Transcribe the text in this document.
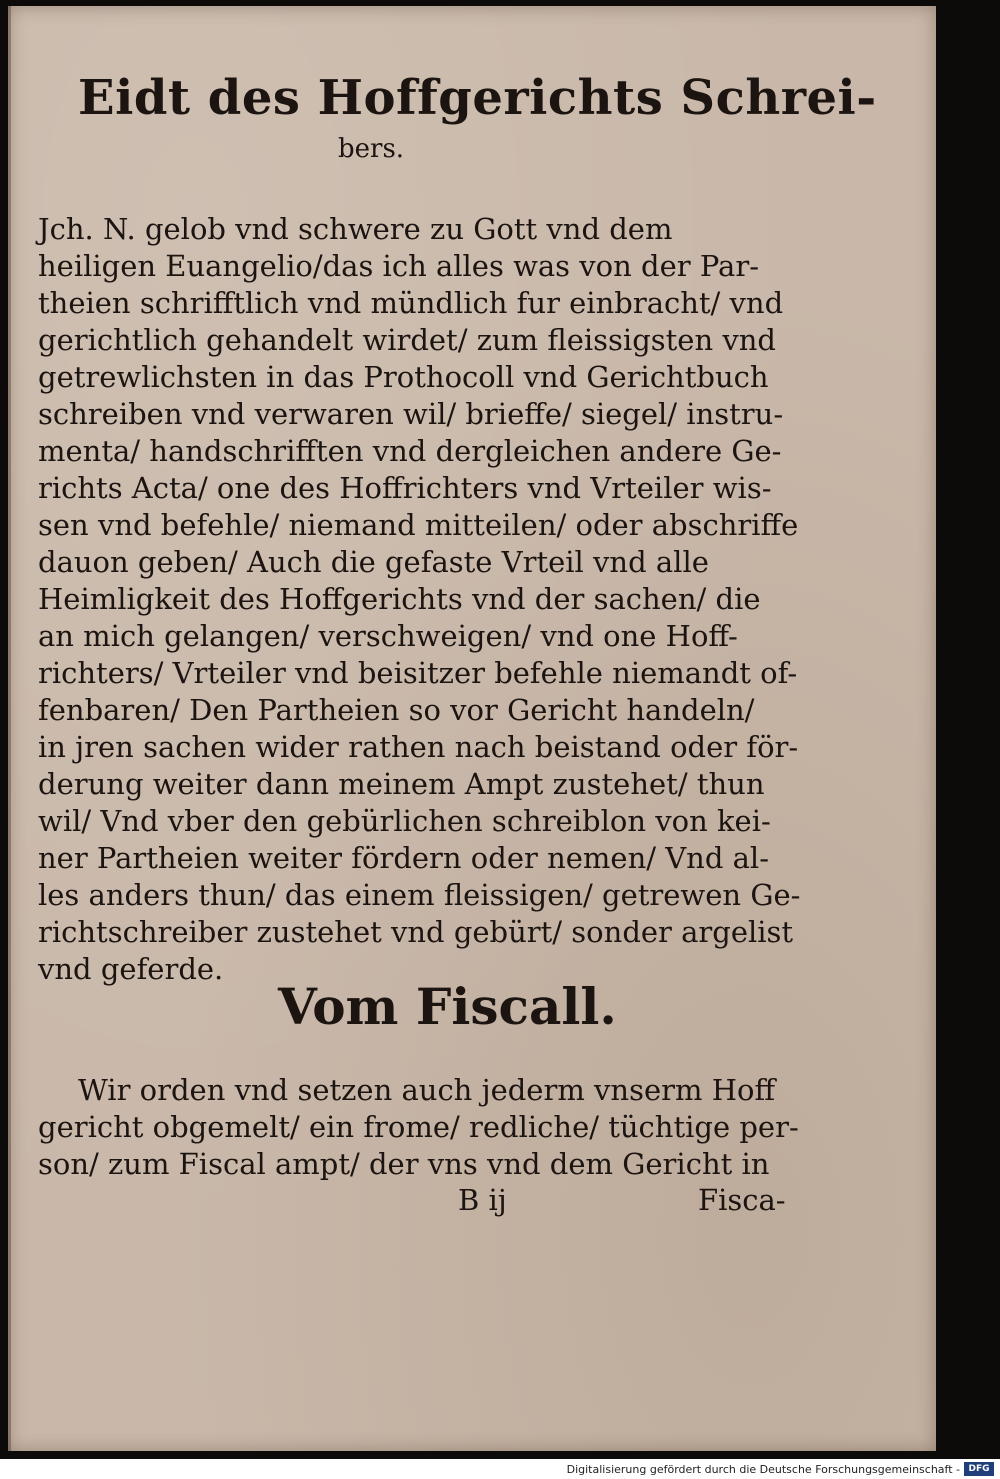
Eidt des Hoffgerichts Schrei-
bers.
Jch. N. gelob vnd schwere zu Gott vnd dem
heiligen Euangelio/das ich alles was von der Par-
theien schrifftlich vnd mündlich fur einbracht/ vnd
gerichtlich gehandelt wirdet/ zum fleissigsten vnd
getrewlichsten in das Prothocoll vnd Gerichtbuch
schreiben vnd verwaren wil/ brieffe/ siegel/ instru-
menta/ handschrifften vnd dergleichen andere Ge-
richts Acta/ one des Hoffrichters vnd Vrteiler wis-
sen vnd befehle/ niemand mitteilen/ oder abschriffe
dauon geben/ Auch die gefaste Vrteil vnd alle
Heimligkeit des Hoffgerichts vnd der sachen/ die
an mich gelangen/ verschweigen/ vnd one Hoff-
richters/ Vrteiler vnd beisitzer befehle niemandt of-
fenbaren/ Den Partheien so vor Gericht handeln/
in jren sachen wider rathen nach beistand oder för-
derung weiter dann meinem Ampt zustehet/ thun
wil/ Vnd vber den gebürlichen schreiblon von kei-
ner Partheien weiter fördern oder nemen/ Vnd al-
les anders thun/ das einem fleissigen/ getrewen Ge-
richtschreiber zustehet vnd gebürt/ sonder argelist
vnd geferde.
Vom Fiscall.
Wir orden vnd setzen auch jederm vnserm Hoff
gericht obgemelt/ ein frome/ redliche/ tüchtige per-
son/ zum Fiscal ampt/ der vns vnd dem Gericht in
B ij	Fisca-
Digitalisierung gefördert durch die Deutsche Forschungsgemeinschaft - DFG
